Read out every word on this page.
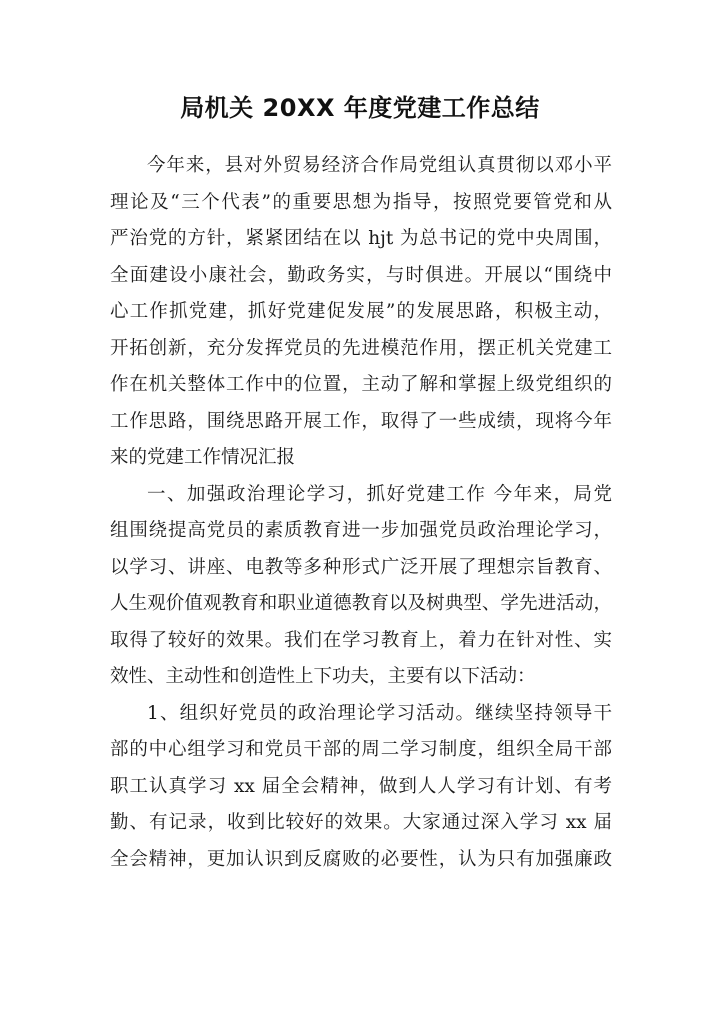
局机关 20XX 年度党建工作总结
今年来，县对外贸易经济合作局党组认真贯彻以邓小平
理论及“三个代表”的重要思想为指导，按照党要管党和从
严治党的方针，紧紧团结在以 hjt 为总书记的党中央周围，
全面建设小康社会，勤政务实，与时俱进。开展以“围绕中
心工作抓党建，抓好党建促发展”的发展思路，积极主动，
开拓创新，充分发挥党员的先进模范作用，摆正机关党建工
作在机关整体工作中的位置，主动了解和掌握上级党组织的
工作思路，围绕思路开展工作，取得了一些成绩，现将今年
来的党建工作情况汇报
一、加强政治理论学习，抓好党建工作 今年来，局党
组围绕提高党员的素质教育进一步加强党员政治理论学习，
以学习、讲座、电教等多种形式广泛开展了理想宗旨教育、
人生观价值观教育和职业道德教育以及树典型、学先进活动，
取得了较好的效果。我们在学习教育上，着力在针对性、实
效性、主动性和创造性上下功夫，主要有以下活动：
1、组织好党员的政治理论学习活动。继续坚持领导干
部的中心组学习和党员干部的周二学习制度，组织全局干部
职工认真学习 xx 届全会精神，做到人人学习有计划、有考
勤、有记录，收到比较好的效果。大家通过深入学习 xx 届
全会精神，更加认识到反腐败的必要性，认为只有加强廉政
